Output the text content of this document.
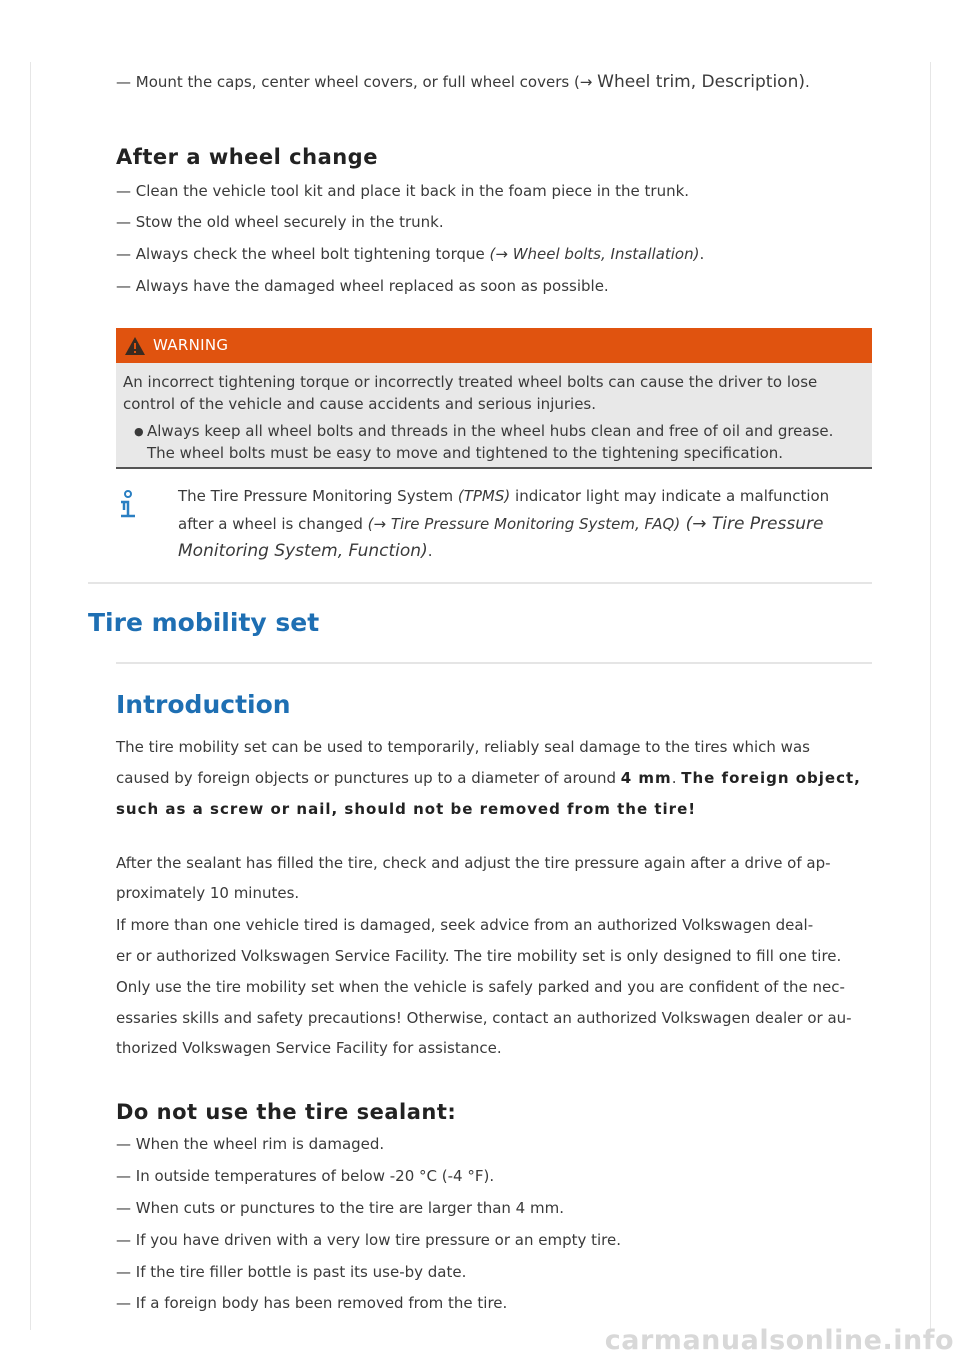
— Mount the caps, center wheel covers, or full wheel covers (→ Wheel trim, Description).

After a wheel change

— Clean the vehicle tool kit and place it back in the foam piece in the trunk.

— Stow the old wheel securely in the trunk.

— Always check the wheel bolt tightening torque (→ Wheel bolts, Installation).

— Always have the damaged wheel replaced as soon as possible.

WARNING

An incorrect tightening torque or incorrectly treated wheel bolts can cause the driver to lose

control of the vehicle and cause accidents and serious injuries.

● Always keep all wheel bolts and threads in the wheel hubs clean and free of oil and grease.

The wheel bolts must be easy to move and tightened to the tightening specification.

The Tire Pressure Monitoring System (TPMS) indicator light may indicate a malfunction

after a wheel is changed (→ Tire Pressure Monitoring System, FAQ) (→ Tire Pressure

Monitoring System, Function).

Tire mobility set
Introduction

The tire mobility set can be used to temporarily, reliably seal damage to the tires which was

caused by foreign objects or punctures up to a diameter of around 4 mm. The foreign object,

such as a screw or nail, should not be removed from the tire!

After the sealant has filled the tire, check and adjust the tire pressure again after a drive of ap-

proximately 10 minutes.

If more than one vehicle tired is damaged, seek advice from an authorized Volkswagen deal-

er or authorized Volkswagen Service Facility. The tire mobility set is only designed to fill one tire.

Only use the tire mobility set when the vehicle is safely parked and you are confident of the nec-

essaries skills and safety precautions! Otherwise, contact an authorized Volkswagen dealer or au-

thorized Volkswagen Service Facility for assistance.

Do not use the tire sealant:

— When the wheel rim is damaged.

— In outside temperatures of below -20 °C (-4 °F).

— When cuts or punctures to the tire are larger than 4 mm.

— If you have driven with a very low tire pressure or an empty tire.

— If the tire filler bottle is past its use-by date.

— If a foreign body has been removed from the tire.

carmanualsonline.info
